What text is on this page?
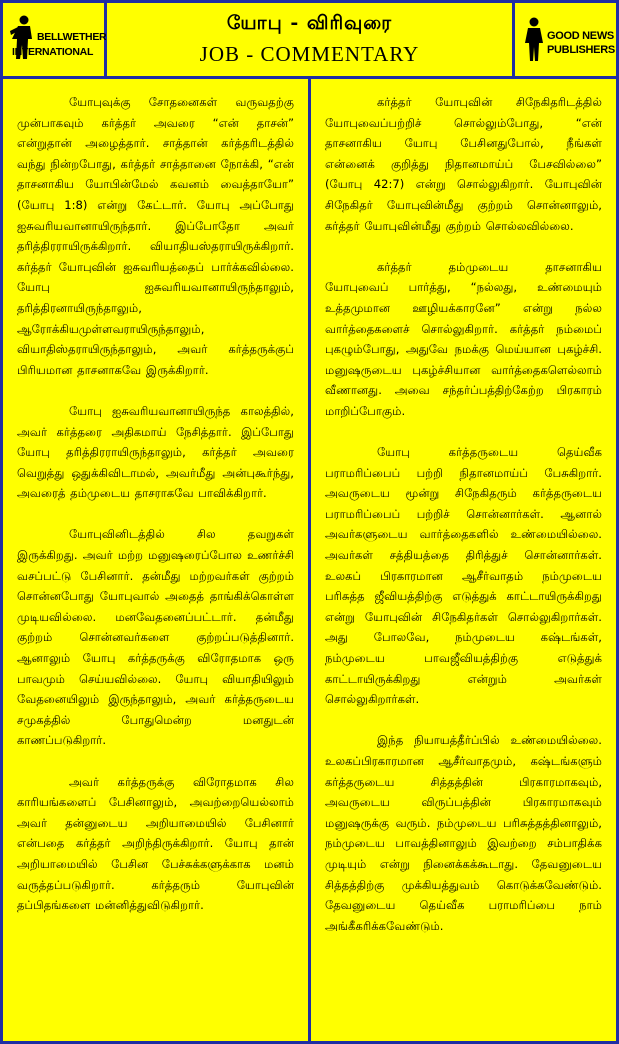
BELLWETHER
INTERNATIONAL
யோபு - விரிவுரை
JOB - COMMENTARY
GOOD NEWS
PUBLISHERS

யோபுவுக்கு சோதனைகள் வருவதற்கு முன்பாகவும் கர்த்தர் அவரை “என் தாசன்” என்றுதான் அழைத்தார். சாத்தான் கர்த்தரிடத்தில் வந்து நின்றபோது, கர்த்தர் சாத்தானை நோக்கி, “என் தாசனாகிய யோபின்மேல் கவனம் வைத்தாயோ” (யோபு 1:8) என்று கேட்டார். யோபு அப்போது ஐசுவரியவானாயிருந்தார். இப்போதோ அவர் தரித்திரராயிருக்கிறார். வியாதியஸ்தராயிருக்கிறார். கர்த்தர் யோபுவின் ஐசுவரியத்தைப் பார்க்கவில்லை. யோபு ஐசுவரியவானாயிருந்தாலும், தரித்திரனாயிருந்தாலும், ஆரோக்கியமுள்ளவராயிருந்தாலும், வியாதிஸ்தராயிருந்தாலும், அவர் கர்த்தருக்குப் பிரியமான தாசனாகவே இருக்கிறார்.

யோபு ஐசுவரியவானாயிருந்த காலத்தில், அவர் கர்த்தரை அதிகமாய் நேசித்தார். இப்போது யோபு தரித்திரராயிருந்தாலும், கர்த்தர் அவரை வெறுத்து ஒதுக்கிவிடாமல், அவர்மீது அன்புகூர்ந்து, அவரைத் தம்முடைய தாசராகவே பாவிக்கிறார்.

யோபுவினிடத்தில் சில தவறுகள் இருக்கிறது. அவர் மற்ற மனுஷரைப்போல உணர்ச்சி வசப்பட்டு பேசினார். தன்மீது மற்றவர்கள் குற்றம் சொன்னபோது யோபுவால் அதைத் தாங்கிக்கொள்ள முடியவில்லை. மனவேதனைப்பட்டார். தன்மீது குற்றம் சொன்னவர்களை குற்றப்படுத்தினார். ஆனாலும் யோபு கர்த்தருக்கு விரோதமாக ஒரு பாவமும் செய்யவில்லை. யோபு வியாதியிலும் வேதனையிலும் இருந்தாலும், அவர் கர்த்தருடைய சமுகத்தில் போதுமென்ற மனதுடன் காணப்படுகிறார்.

அவர் கர்த்தருக்கு விரோதமாக சில காரியங்களைப் பேசினாலும், அவற்றையெல்லாம் அவர் தன்னுடைய அறியாமையில் பேசினார் என்பதை கர்த்தர் அறிந்திருக்கிறார். யோபு தான் அறியாமையில் பேசின பேச்சுக்களுக்காக மனம் வருத்தப்படுகிறார். கர்த்தரும் யோபுவின் தப்பிதங்களை மன்னித்துவிடுகிறார்.

கர்த்தர் யோபுவின் சிநேகிதரிடத்தில் யோபுவைப்பற்றிச் சொல்லும்போது, “என் தாசனாகிய யோபு பேசினதுபோல், நீங்கள் என்னைக் குறித்து நிதானமாய்ப் பேசவில்லை” (யோபு 42:7) என்று சொல்லுகிறார். யோபுவின் சிநேகிதர் யோபுவின்மீது குற்றம் சொன்னாலும், கர்த்தர் யோபுவின்மீது குற்றம் சொல்லவில்லை.

கர்த்தர் தம்முடைய தாசனாகிய யோபுவைப் பார்த்து, “நல்லது, உண்மையும் உத்தமுமான ஊழியக்காரனே” என்று நல்ல வார்த்தைகளைச் சொல்லுகிறார். கர்த்தர் நம்மைப் புகழும்போது, அதுவே நமக்கு மெய்யான புகழ்ச்சி. மனுஷருடைய புகழ்ச்சியான வார்த்தைகளெல்லாம் வீணானது. அவை சந்தர்ப்பத்திற்கேற்ற பிரகாரம் மாறிப்போகும்.

யோபு கர்த்தருடைய தெய்வீக பராமரிப்பைப் பற்றி நிதானமாய்ப் பேசுகிறார். அவருடைய மூன்று சிநேகிதரும் கர்த்தருடைய பராமரிப்பைப் பற்றிச் சொன்னார்கள். ஆனால் அவர்களுடைய வார்த்தைகளில் உண்மையில்லை. அவர்கள் சத்தியத்தை திரித்துச் சொன்னார்கள். உலகப் பிரகாரமான ஆசீர்வாதம் நம்முடைய பரிசுத்த ஜீவியத்திற்கு எடுத்துக் காட்டாயிருக்கிறது என்று யோபுவின் சிநேகிதர்கள் சொல்லுகிறார்கள். அது போலவே, நம்முடைய கஷ்டங்கள், நம்முடைய பாவஜீவியத்திற்கு எடுத்துக் காட்டாயிருக்கிறது என்றும் அவர்கள் சொல்லுகிறார்கள்.

இந்த நியாயத்தீர்ப்பில் உண்மையில்லை. உலகப்பிரகாரமான ஆசீர்வாதமும், கஷ்டங்களும் கர்த்தருடைய சித்தத்தின் பிரகாரமாகவும், அவருடைய விருப்பத்தின் பிரகாரமாகவும் மனுஷருக்கு வரும். நம்முடைய பரிசுத்தத்தினாலும், நம்முடைய பாவத்தினாலும் இவற்றை சம்பாதிக்க முடியும் என்று நினைக்கக்கூடாது. தேவனுடைய சித்தத்திற்கு முக்கியத்துவம் கொடுக்கவேண்டும். தேவனுடைய தெய்வீக பராமரிப்பை நாம் அங்கீகரிக்கவேண்டும்.
